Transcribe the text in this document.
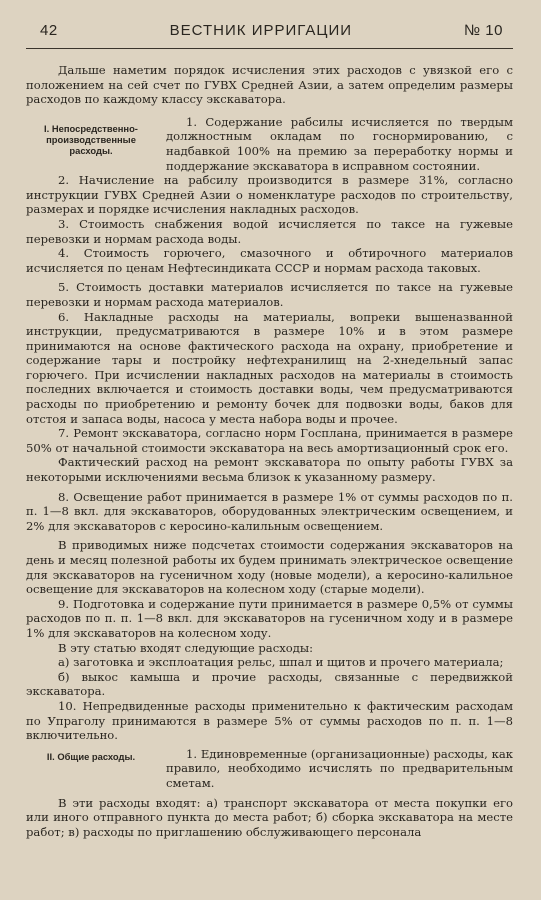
42	ВЕСТНИК ИРРИГАЦИИ	№ 10

Дальше наметим порядок исчисления этих расходов с увязкой его с положением на сей счет по ГУВХ Средней Азии, а затем определим размеры расходов по каждому классу экскаватора.

I. Непосредственно-производственные расходы.
1. Содержание рабсилы исчисляется по твердым должностным окладам по госнормированию, с надбавкой 100% на премию за переработку нормы и поддержание экскаватора в исправном состоянии.

2. Начисление на рабсилу производится в размере 31%, согласно инструкции ГУВХ Средней Азии о номенклатуре расходов по строительству, размерах и порядке исчисления накладных расходов.

3. Стоимость снабжения водой исчисляется по таксе на гужевые перевозки и нормам расхода воды.

4. Стоимость горючего, смазочного и обтирочного материалов исчисляется по ценам Нефтесиндиката СССР и нормам расхода таковых.

5. Стоимость доставки материалов исчисляется по таксе на гужевые перевозки и нормам расхода материалов.

6. Накладные расходы на материалы, вопреки вышеназванной инструкции, предусматриваются в размере 10% и в этом размере принимаются на основе фактического расхода на охрану, приобретение и содержание тары и постройку нефтехранилищ на 2-хнедельный запас горючего. При исчислении накладных расходов на материалы в стоимость последних включается и стоимость доставки воды, чем предусматриваются расходы по приобретению и ремонту бочек для подвозки воды, баков для отстоя и запаса воды, насоса у места набора воды и прочее.

7. Ремонт экскаватора, согласно норм Госплана, принимается в размере 50% от начальной стоимости экскаватора на весь амортизационный срок его.

Фактический расход на ремонт экскаватора по опыту работы ГУВХ за некоторыми исключениями весьма близок к указанному размеру.

8. Освещение работ принимается в размере 1% от суммы расходов по п. п. 1—8 вкл. для экскаваторов, оборудованных электрическим освещением, и 2% для экскаваторов с керосино-калильным освещением.

В приводимых ниже подсчетах стоимости содержания экскаваторов на день и месяц полезной работы их будем принимать электрическое освещение для экскаваторов на гусеничном ходу (новые модели), а керосино-калильное освещение для экскаваторов на колесном ходу (старые модели).

9. Подготовка и содержание пути принимается в размере 0,5% от суммы расходов по п. п. 1—8 вкл. для экскаваторов на гусеничном ходу и в размере 1% для экскаваторов на колесном ходу.

В эту статью входят следующие расходы:

а) заготовка и эксплоатация рельс, шпал и щитов и прочего материала;

б) выкос камыша и прочие расходы, связанные с передвижкой экскаватора.

10. Непредвиденные расходы применительно к фактическим расходам по Упраголу принимаются в размере 5% от суммы расходов по п. п. 1—8 включительно.

II. Общие расходы.	1. Единовременные (организационные) расходы, как правило, необходимо исчислять по предварительным сметам.

В эти расходы входят: а) транспорт экскаватора от места покупки его или иного отправного пункта до места работ; б) сборка экскаватора на месте работ; в) расходы по приглашению обслуживающего персонала
